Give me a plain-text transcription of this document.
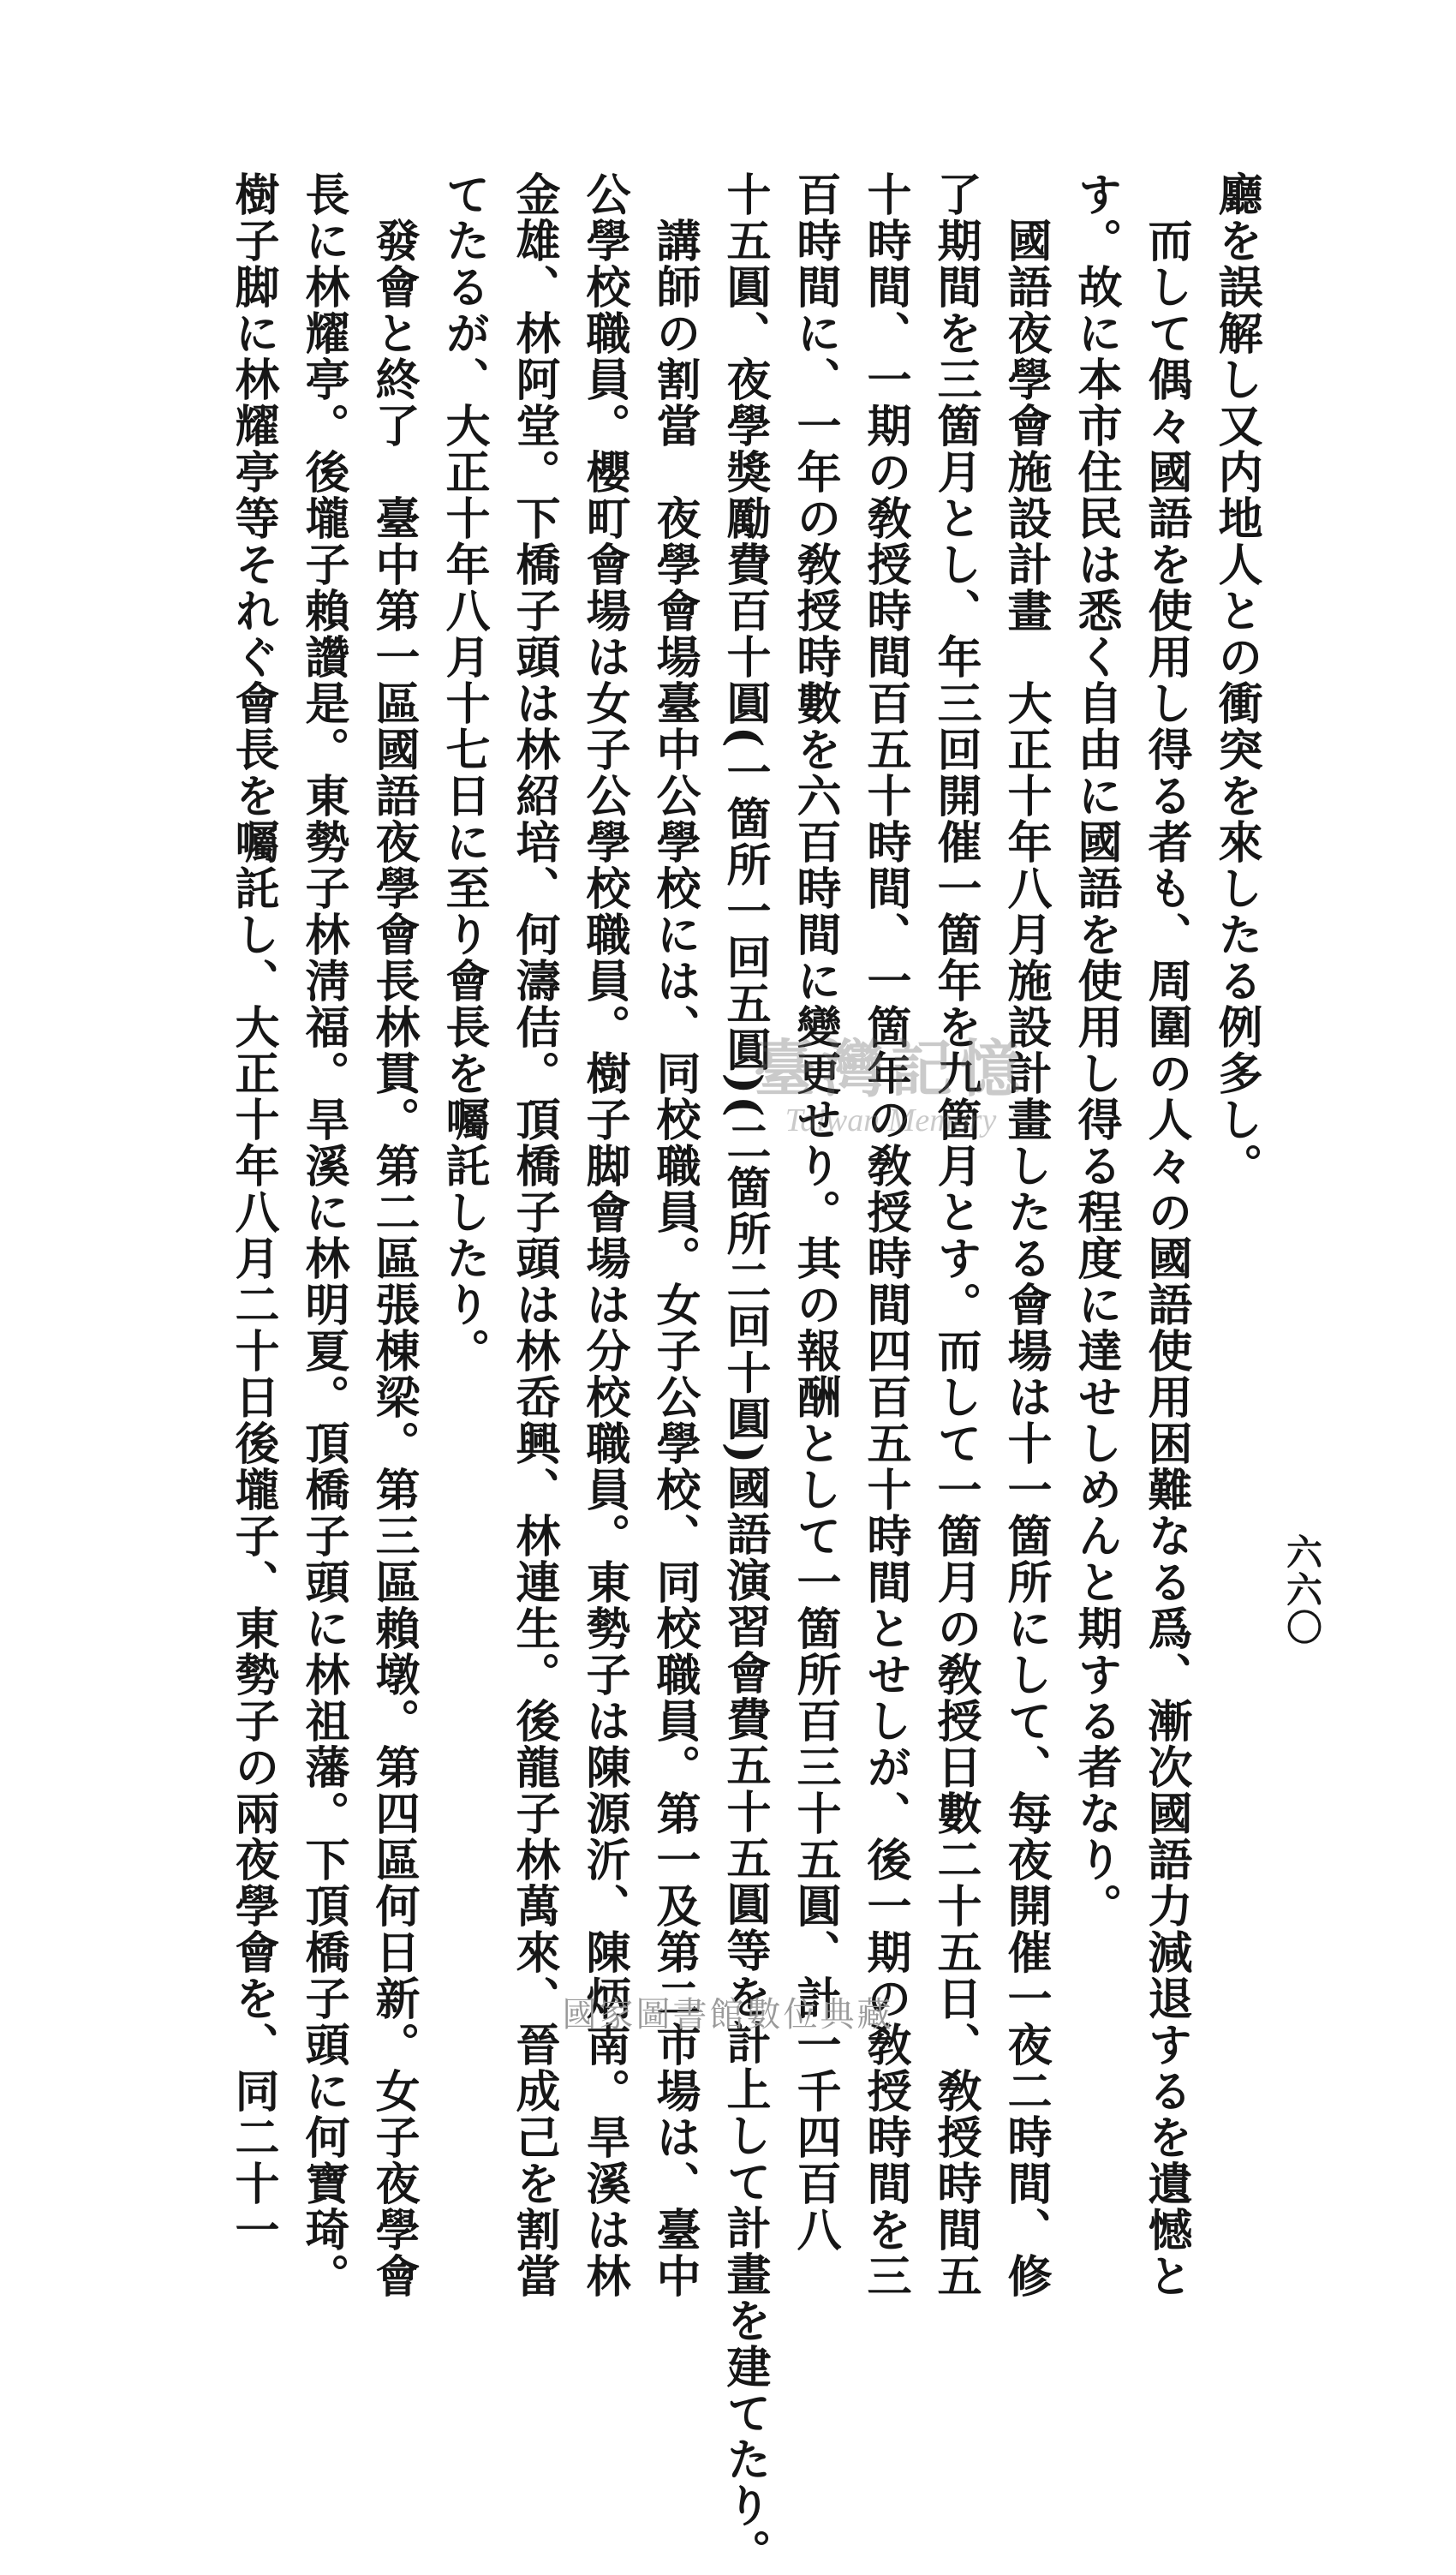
六六〇
廳を誤解し又内地人との衝突を來したる例多し。
而して偶々國語を使用し得る者も、周圍の人々の國語使用困難なる爲、漸次國語力減退するを遺憾と
す。故に本市住民は悉く自由に國語を使用し得る程度に達せしめんと期する者なり。
國語夜學會施設計畫　大正十年八月施設計畫したる會場は十一箇所にして、每夜開催一夜二時間、修
了期間を三箇月とし、年三回開催一箇年を九箇月とす。而して一箇月の敎授日數二十五日、敎授時間五
十時間、一期の敎授時間百五十時間、一箇年の敎授時間四百五十時間とせしが、後一期の敎授時間を三
百時間に、一年の敎授時數を六百時間に變更せり。其の報酬として一箇所百三十五圓、計一千四百八
十五圓、夜學獎勵費百十圓(一箇所一回五圓)(二箇所二回十圓)國語演習會費五十五圓等を計上して計畫を建てたり。
講師の割當　夜學會場臺中公學校には、同校職員。女子公學校、同校職員。第一及第二市場は、臺中
公學校職員。櫻町會場は女子公學校職員。樹子脚會場は分校職員。東勢子は陳源沂、陳炳南。旱溪は林
金雄、林阿堂。下橋子頭は林紹培、何濤佶。頂橋子頭は林岙興、林連生。後龍子林萬來、晉成己を割當
てたるが、大正十年八月十七日に至り會長を囑託したり。
發會と終了　臺中第一區國語夜學會長林貫。第二區張棟梁。第三區賴墩。第四區何日新。女子夜學會
長に林耀亭。後壠子賴讚是。東勢子林淸福。旱溪に林明夏。頂橋子頭に林祖藩。下頂橋子頭に何寶琦。
樹子脚に林耀亭等それぐ會長を囑託し、大正十年八月二十日後壠子、東勢子の兩夜學會を、同二十一	臺灣記憶
Taiwan Memory
國家圖書館數位典藏
